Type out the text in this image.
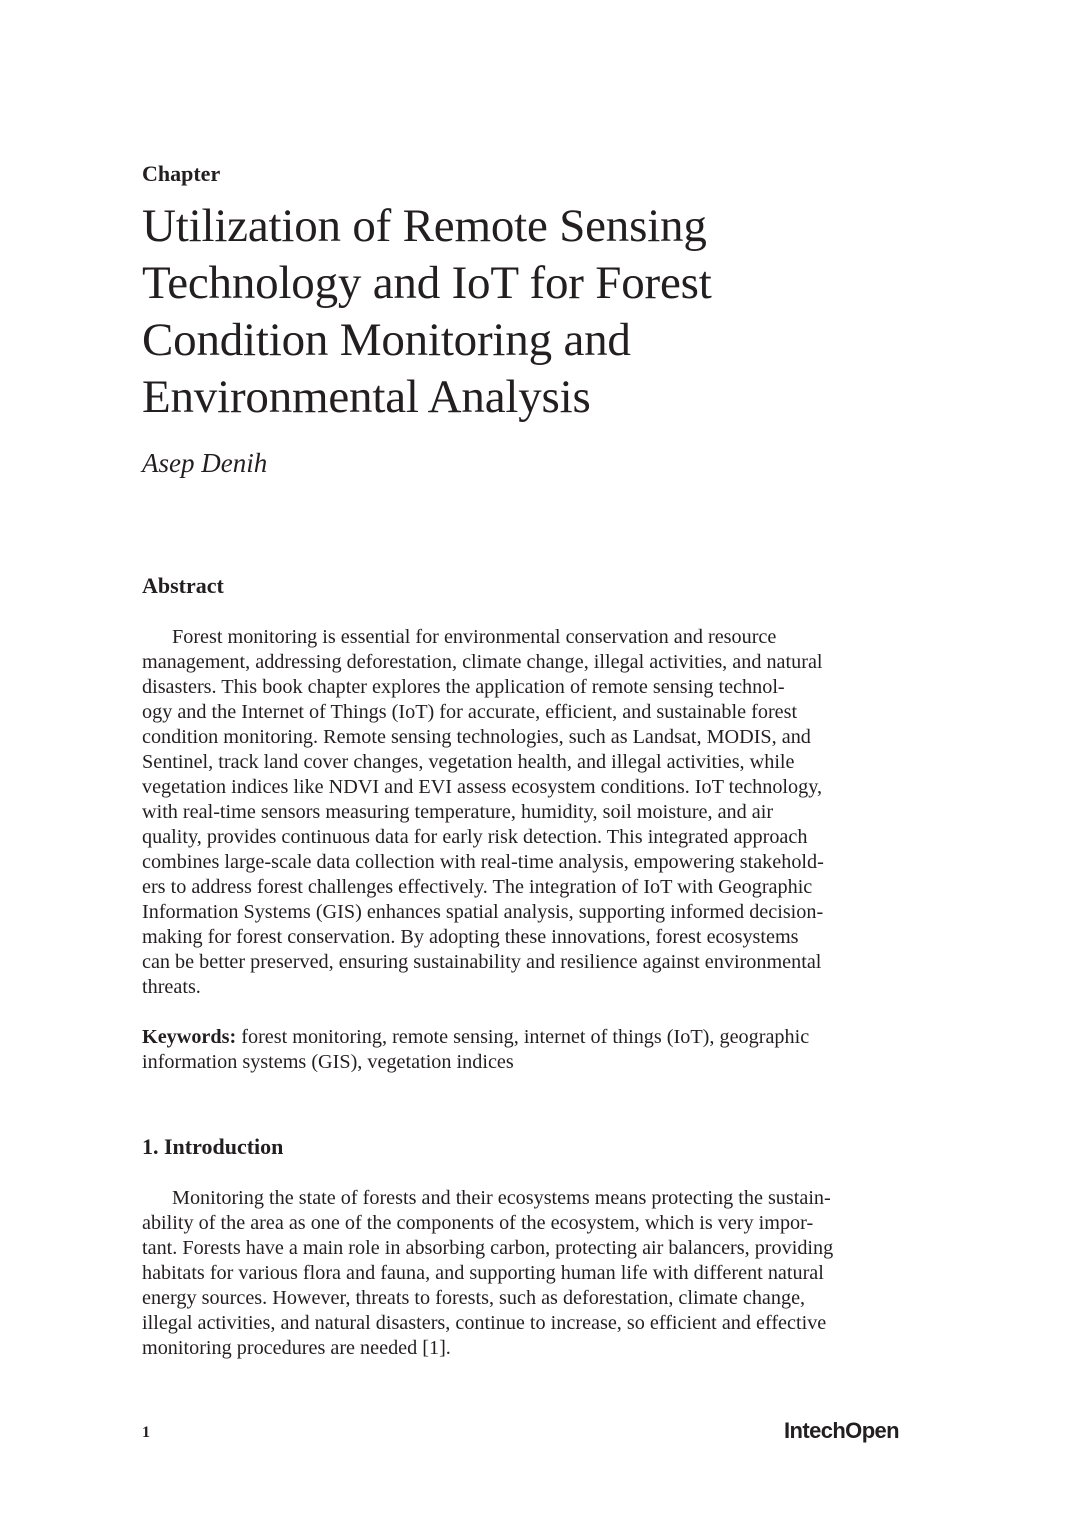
Chapter

Utilization of Remote Sensing
Technology and IoT for Forest
Condition Monitoring and
Environmental Analysis

Asep Denih

Abstract
Forest monitoring is essential for environmental conservation and resource
management, addressing deforestation, climate change, illegal activities, and natural
disasters. This book chapter explores the application of remote sensing technol-
ogy and the Internet of Things (IoT) for accurate, efficient, and sustainable forest
condition monitoring. Remote sensing technologies, such as Landsat, MODIS, and
Sentinel, track land cover changes, vegetation health, and illegal activities, while
vegetation indices like NDVI and EVI assess ecosystem conditions. IoT technology,
with real-time sensors measuring temperature, humidity, soil moisture, and air
quality, provides continuous data for early risk detection. This integrated approach
combines large-scale data collection with real-time analysis, empowering stakehold-
ers to address forest challenges effectively. The integration of IoT with Geographic
Information Systems (GIS) enhances spatial analysis, supporting informed decision-
making for forest conservation. By adopting these innovations, forest ecosystems
can be better preserved, ensuring sustainability and resilience against environmental
threats.
Keywords: forest monitoring, remote sensing, internet of things (IoT), geographic
information systems (GIS), vegetation indices
1. Introduction
Monitoring the state of forests and their ecosystems means protecting the sustain-
ability of the area as one of the components of the ecosystem, which is very impor-
tant. Forests have a main role in absorbing carbon, protecting air balancers, providing
habitats for various flora and fauna, and supporting human life with different natural
energy sources. However, threats to forests, such as deforestation, climate change,
illegal activities, and natural disasters, continue to increase, so efficient and effective
monitoring procedures are needed [1].

1	IntechOpen
